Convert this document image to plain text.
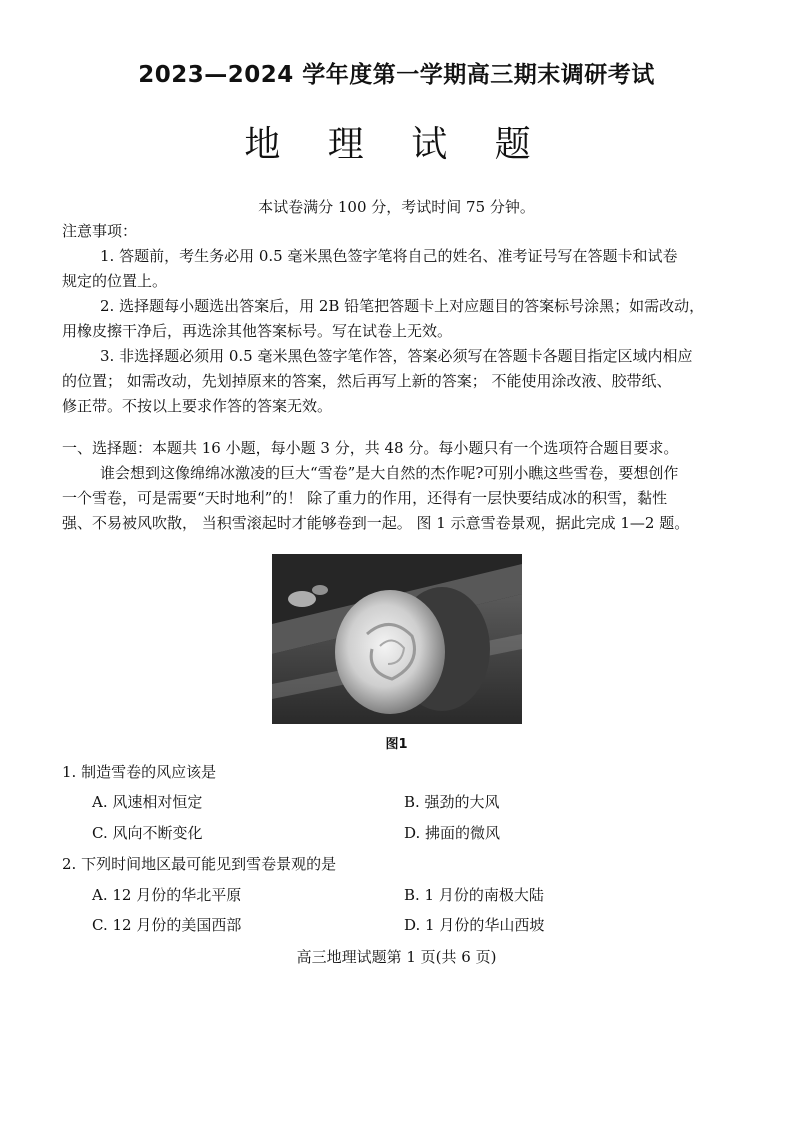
2023—2024 学年度第一学期高三期末调研考试
地 理 试 题
本试卷满分 100 分，考试时间 75 分钟。
注意事项：
1. 答题前，考生务必用 0.5 毫米黑色签字笔将自己的姓名、准考证号写在答题卡和试卷
规定的位置上。
2. 选择题每小题选出答案后，用 2B 铅笔把答题卡上对应题目的答案标号涂黑；如需改动，
用橡皮擦干净后，再选涂其他答案标号。写在试卷上无效。
3. 非选择题必须用 0.5 毫米黑色签字笔作答，答案必须写在答题卡各题目指定区域内相应
的位置； 如需改动，先划掉原来的答案，然后再写上新的答案； 不能使用涂改液、胶带纸、
修正带。不按以上要求作答的答案无效。
一、选择题：本题共 16 小题，每小题 3 分，共 48 分。每小题只有一个选项符合题目要求。
谁会想到这像绵绵冰激凌的巨大“雪卷”是大自然的杰作呢?可别小瞧这些雪卷，要想创作
一个雪卷，可是需要“天时地利”的！ 除了重力的作用，还得有一层快要结成冰的积雪，黏性
强、不易被风吹散， 当积雪滚起时才能够卷到一起。 图 1 示意雪卷景观，据此完成 1—2 题。
图1
1. 制造雪卷的风应该是
A. 风速相对恒定	B. 强劲的大风
C. 风向不断变化	D. 拂面的微风
2. 下列时间地区最可能见到雪卷景观的是
A. 12 月份的华北平原	B. 1 月份的南极大陆
C. 12 月份的美国西部	D. 1 月份的华山西坡
高三地理试题第 1 页(共 6 页)
